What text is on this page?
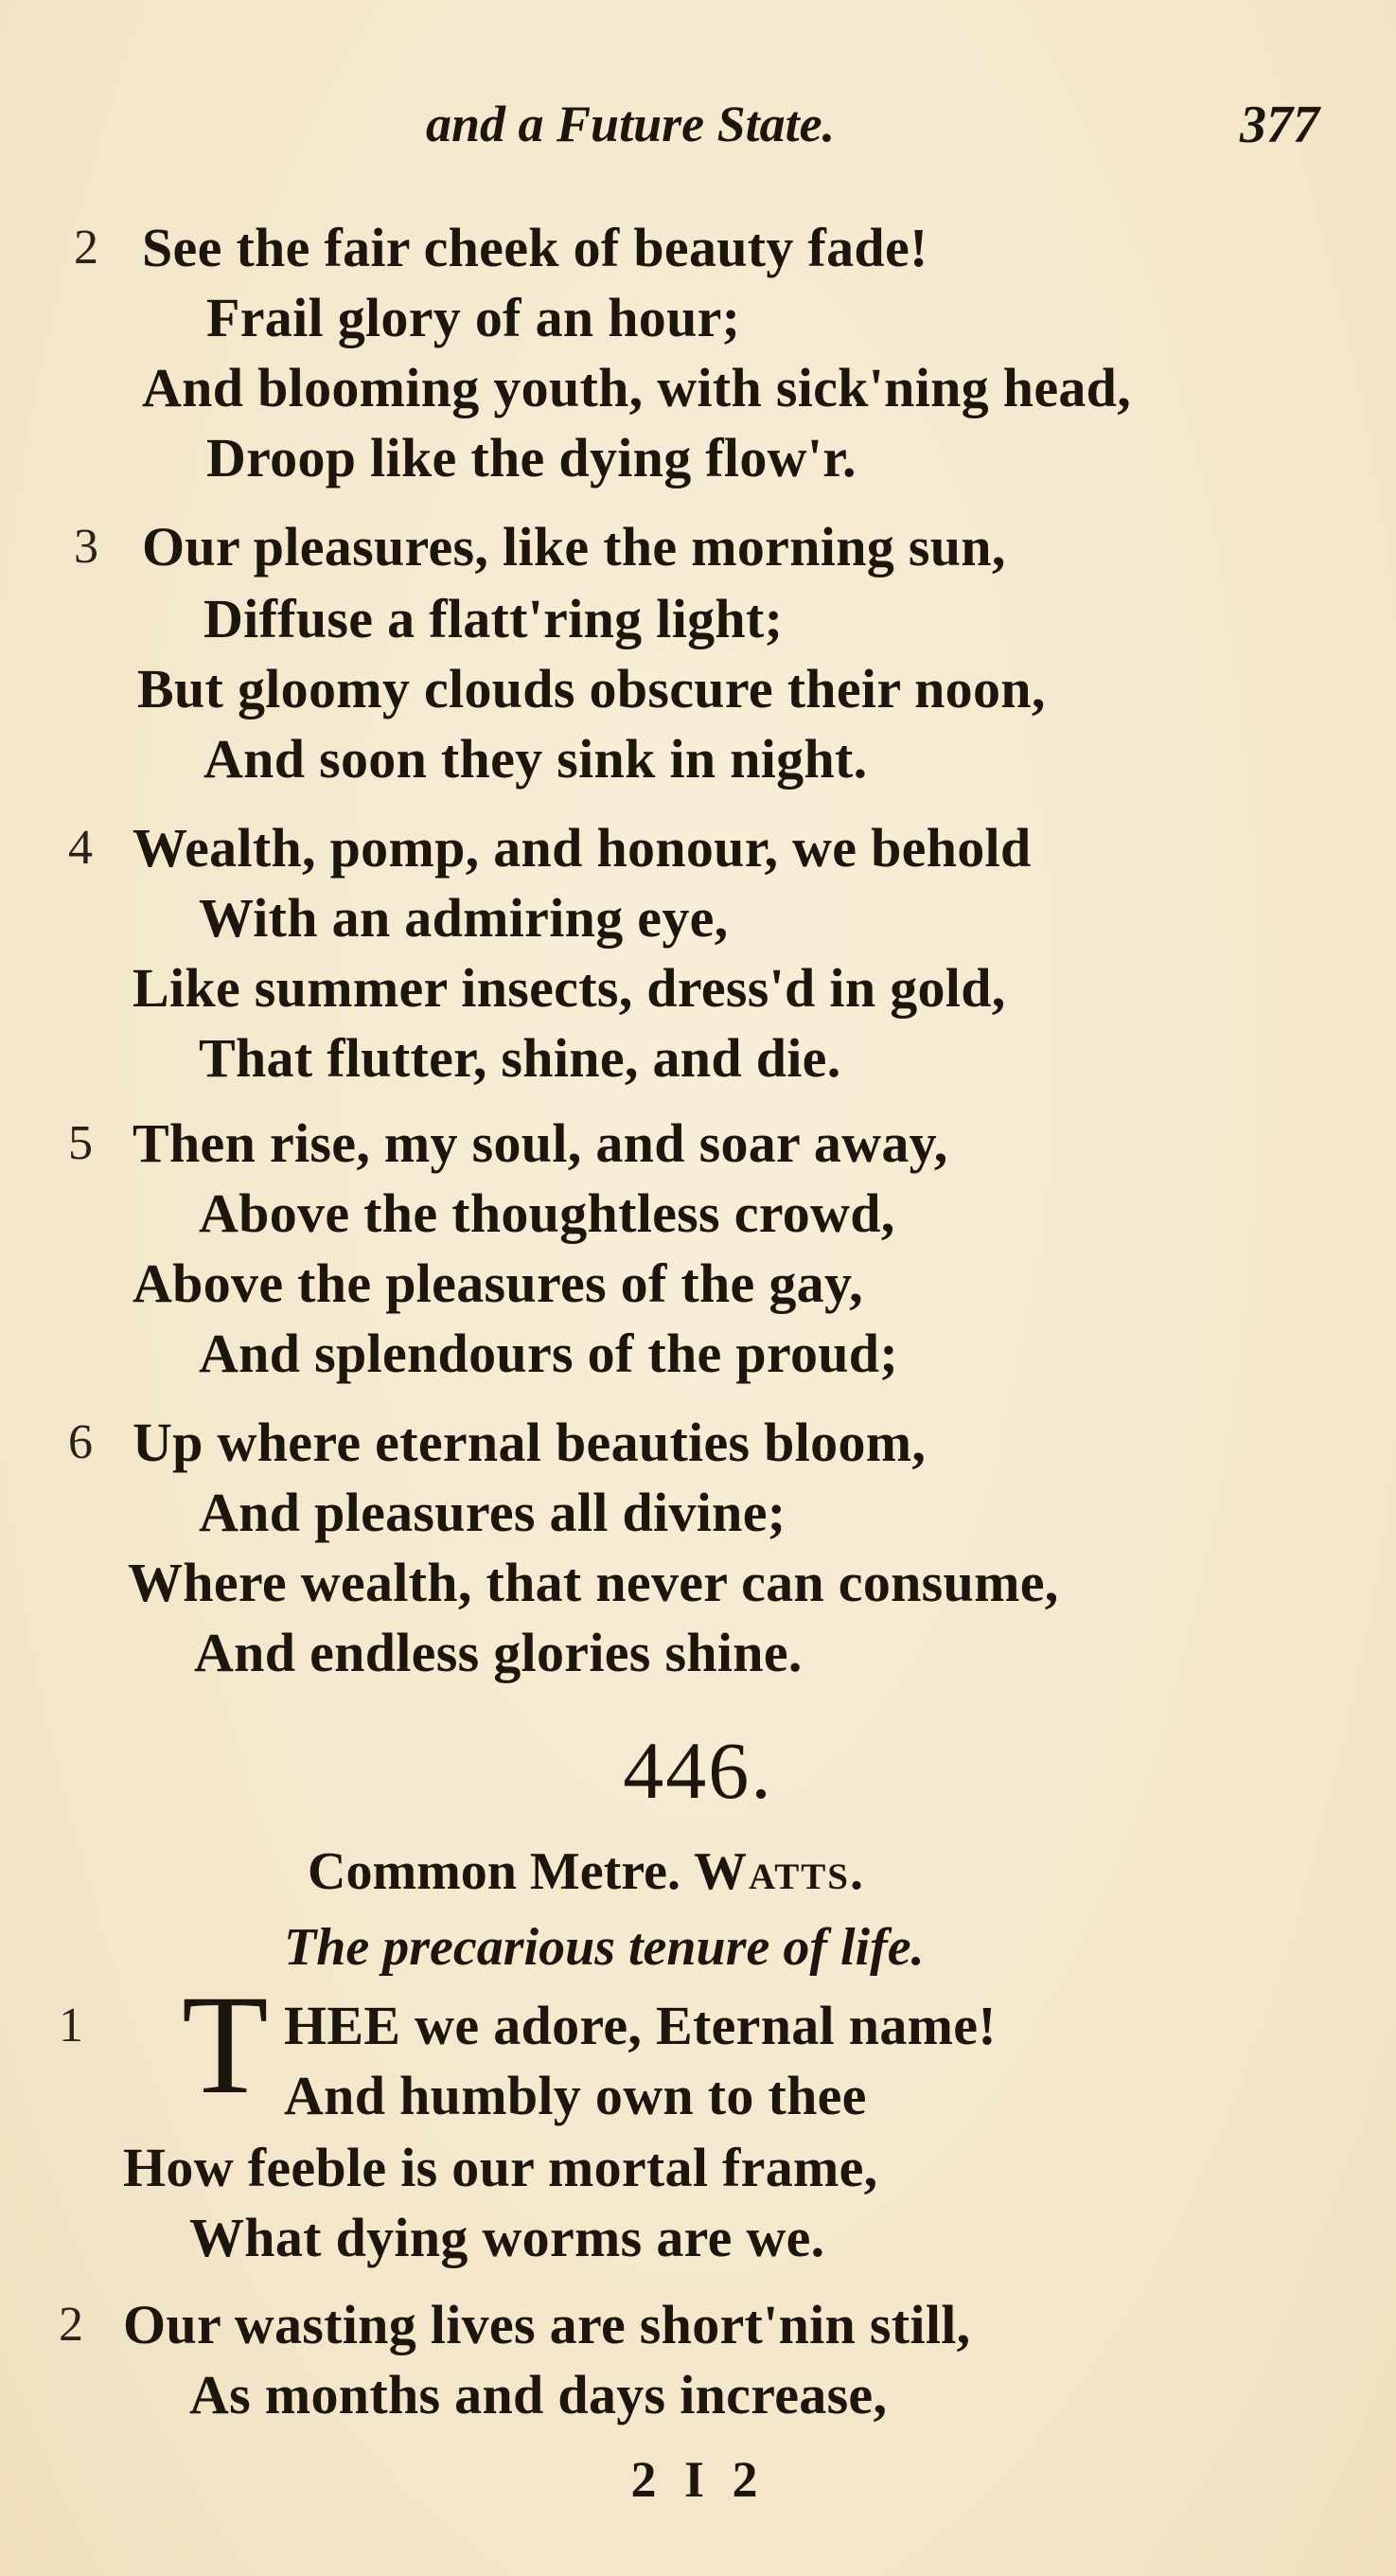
and a Future State.	377
2 See the fair cheek of beauty fade!
Frail glory of an hour;
And blooming youth, with sick'ning head,
Droop like the dying flow'r.
3 Our pleasures, like the morning sun,
Diffuse a flatt'ring light;
But gloomy clouds obscure their noon,
And soon they sink in night.
4 Wealth, pomp, and honour, we behold
With an admiring eye,
Like summer insects, dress'd in gold,
That flutter, shine, and die.
5 Then rise, my soul, and soar away,
Above the thoughtless crowd,
Above the pleasures of the gay,
And splendours of the proud;
6 Up where eternal beauties bloom,
And pleasures all divine;
Where wealth, that never can consume,
And endless glories shine.
446.
Common Metre. Watts.
The precarious tenure of life.
1 T HEE we adore, Eternal name!
And humbly own to thee
How feeble is our mortal frame,
What dying worms are we.
2 Our wasting lives are short'nin still,
As months and days increase,
2 I 2
